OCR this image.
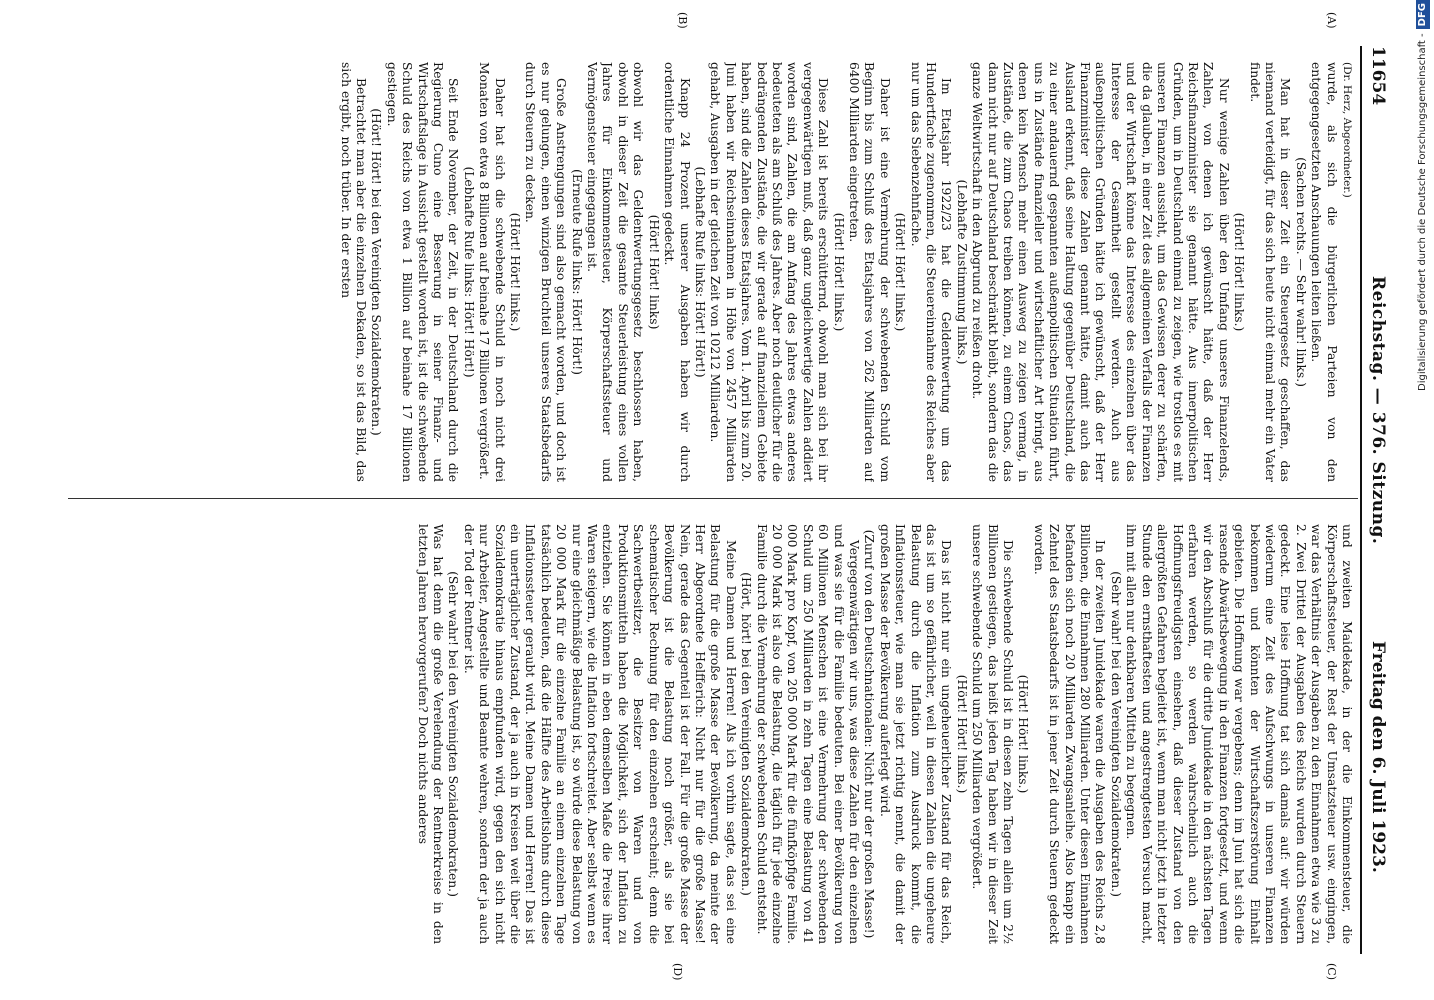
11654
Reichstag. — 376. Sitzung.
Freitag den 6. Juli 1923.
(A)
(B)
(C)
(D)

(Dr. Herz, Abgeordneter.)

wurde, als sich die bürgerlichen Parteien von den entgegengesetzten Anschauungen leiten ließen.

(Sachen rechts. — Sehr wahr! links.)

Man hat in dieser Zeit ein Steuergesetz geschaffen, das niemand verteidigt, für das sich heute nicht einmal mehr ein Vater findet.

(Hört! Hört! links.)

Nur wenige Zahlen über den Umfang unseres Finanzelends, Zahlen, von denen ich gewünscht hätte, daß der Herr Reichsfinanzminister sie genannt hätte. Aus innerpolitischen Gründen, um in Deutschland einmal zu zeigen, wie trostlos es mit unseren Finanzen aussieht, um das Gewissen derer zu schärfen, die da glauben, in einer Zeit des allgemeinen Verfalls der Finanzen und der Wirtschaft könne das Interesse des einzelnen über das Interesse der Gesamtheit gestellt werden. Auch aus außenpolitischen Gründen hätte ich gewünscht, daß der Herr Finanzminister diese Zahlen genannt hätte, damit auch das Ausland erkennt, daß seine Haltung gegenüber Deutschland, die zu einer andauernd gespannten außenpolitischen Situation führt, uns in Zustände finanzieller und wirtschaftlicher Art bringt, aus denen kein Mensch mehr einen Ausweg zu zeigen vermag, in Zustände, die zum Chaos treiben können, zu einem Chaos, das dann nicht nur auf Deutschland beschränkt bleibt, sondern das die ganze Weltwirtschaft in den Abgrund zu reißen droht.

(Lebhafte Zustimmung links.)

Im Etatsjahr 1922/23 hat die Geldentwertung um das Hundertfache zugenommen, die Steuereinnahme des Reiches aber nur um das Siebenzehnfache.

(Hört! Hört! links.)

Daher ist eine Vermehrung der schwebenden Schuld vom Beginn bis zum Schluß des Etatsjahres von 262 Milliarden auf 6400 Milliarden eingetreten.

(Hört! Hört! links.)

Diese Zahl ist bereits erschütternd, obwohl man sich bei ihr vergegenwärtigen muß, daß ganz ungleichwertige Zahlen addiert worden sind, Zahlen, die am Anfang des Jahres etwas anderes bedeuteten als am Schluß des Jahres. Aber noch deutlicher für die bedrängenden Zustände, die wir gerade auf finanziellem Gebiete haben, sind die Zahlen dieses Etatsjahres. Vom 1. April bis zum 20. Juni haben wir Reichseinnahmen in Höhe von 2457 Milliarden gehabt, Ausgaben in der gleichen Zeit von 10212 Milliarden.

(Lebhafte Rufe links: Hört! Hört!)

Knapp 24 Prozent unserer Ausgaben haben wir durch ordentliche Einnahmen gedeckt.

(Hört! Hört! links)

obwohl wir das Geldentwertungsgesetz beschlossen haben, obwohl in dieser Zeit die gesamte Steuerleistung eines vollen Jahres für Einkommensteuer, Körperschaftssteuer und Vermögensteuer eingegangen ist.

(Erneute Rufe links: Hört! Hört!)

Große Anstrengungen sind also gemacht worden, und doch ist es nur gelungen, einen winzigen Bruchteil unseres Staatsbedarfs durch Steuern zu decken.

(Hört! Hört! links.)

Daher hat sich die schwebende Schuld in noch nicht drei Monaten von etwa 8 Billionen auf beinahe 17 Billionen vergrößert.

(Lebhafte Rufe links: Hört! Hört!)

Seit Ende November, der Zeit, in der Deutschland durch die Regierung Cuno eine Besserung in seiner Finanz- und Wirtschaftslage in Aussicht gestellt worden ist, ist die schwebende Schuld des Reichs von etwa 1 Billion auf beinahe 17 Billionen gestiegen.

(Hört! Hört! bei den Vereinigten Sozialdemokraten.)

Betrachtet man aber die einzelnen Dekaden, so ist das Bild, das sich ergibt, noch trüber. In der ersten

und zweiten Maidekade, in der die Einkommensteuer, die Körperschaftssteuer, der Rest der Umsatzsteuer usw. eingingen, war das Verhältnis der Ausgaben zu den Einnahmen etwa wie 3 zu 2. Zwei Drittel der Ausgaben des Reichs wurden durch Steuern gedeckt. Eine leise Hoffnung tat sich damals auf: wir würden wiederum eine Zeit des Aufschwungs in unseren Finanzen bekommen und könnten der Wirtschaftszerstörung Einhalt gebieten. Die Hoffnung war vergebens; denn im Juni hat sich die rasende Abwärtsbewegung in den Finanzen fortgesetzt, und wenn wir den Abschluß für die dritte Junidekade in den nächsten Tagen erfahren werden, so werden wahrscheinlich auch die Hoffnungsfreudigsten einsehen, daß dieser Zustand von den allergrößten Gefahren begleitet ist, wenn man nicht jetzt in letzter Stunde den ernsthaftesten und angestrengtesten Versuch macht, ihm mit allen nur denkbaren Mitteln zu begegnen.

(Sehr wahr! bei den Vereinigten Sozialdemokraten.)

In der zweiten Junidekade waren die Ausgaben des Reichs 2,8 Billionen, die Einnahmen 280 Milliarden. Unter diesen Einnahmen befanden sich noch 20 Milliarden Zwangsanleihe. Also knapp ein Zehntel des Staatsbedarfs ist in jener Zeit durch Steuern gedeckt worden.

(Hört! Hört! links.)

Die schwebende Schuld ist in diesen zehn Tagen allein um 2½ Billionen gestiegen, das heißt jeden Tag haben wir in dieser Zeit unsere schwebende Schuld um 250 Milliarden vergrößert.

(Hört! Hört! links.)

Das ist nicht nur ein ungeheuerlicher Zustand für das Reich, das ist um so gefährlicher, weil in diesen Zahlen die ungeheure Belastung durch die Inflation zum Ausdruck kommt, die Inflationssteuer, wie man sie jetzt richtig nennt, die damit der großen Masse der Bevölkerung auferlegt wird.

(Zuruf von den Deutschnationalen: Nicht nur der großen Masse!)

Vergegenwärtigen wir uns, was diese Zahlen für den einzelnen und was sie für die Familie bedeuten. Bei einer Bevölkerung von 60 Millionen Menschen ist eine Vermehrung der schwebenden Schuld um 250 Milliarden in zehn Tagen eine Belastung von 41 000 Mark pro Kopf, von 205 000 Mark für die fünfköpfige Familie. 20 000 Mark ist also die Belastung, die täglich für jede einzelne Familie durch die Vermehrung der schwebenden Schuld entsteht.

(Hört, hört! bei den Vereinigten Sozialdemokraten.)

Meine Damen und Herren! Als ich vorhin sagte, das sei eine Belastung für die große Masse der Bevölkerung, da meinte der Herr Abgeordnete Helfferich: Nicht nur für die große Masse! Nein, gerade das Gegenteil ist der Fall. Für die große Masse der Bevölkerung ist die Belastung noch größer, als sie bei schematischer Rechnung für den einzelnen erscheint; denn die Sachwertbesitzer, die Besitzer von Waren und von Produktionsmitteln haben die Möglichkeit, sich der Inflation zu entziehen. Sie können in eben demselben Maße die Preise ihrer Waren steigern, wie die Inflation fortschreitet. Aber selbst wenn es nur eine gleichmäßige Belastung ist, so würde diese Belastung von 20 000 Mark für die einzelne Familie an einem einzelnen Tage tatsächlich bedeuten, daß die Hälfte des Arbeitslohns durch diese Inflationssteuer geraubt wird. Meine Damen und Herren! Das ist ein unerträglicher Zustand, der ja auch in Kreisen weit über die Sozialdemokratie hinaus empfunden wird, gegen den sich nicht nur Arbeiter, Angestellte und Beamte wehren, sondern der ja auch der Tod der Rentner ist.

(Sehr wahr! bei den Vereinigten Sozialdemokraten.)

Was hat denn die große Verelendung der Rentnerkreise in den letzten Jahren hervorgerufen? Doch nichts anderes

Digitalisierung gefördert durch die Deutsche Forschungsgemeinschaft -DFG
